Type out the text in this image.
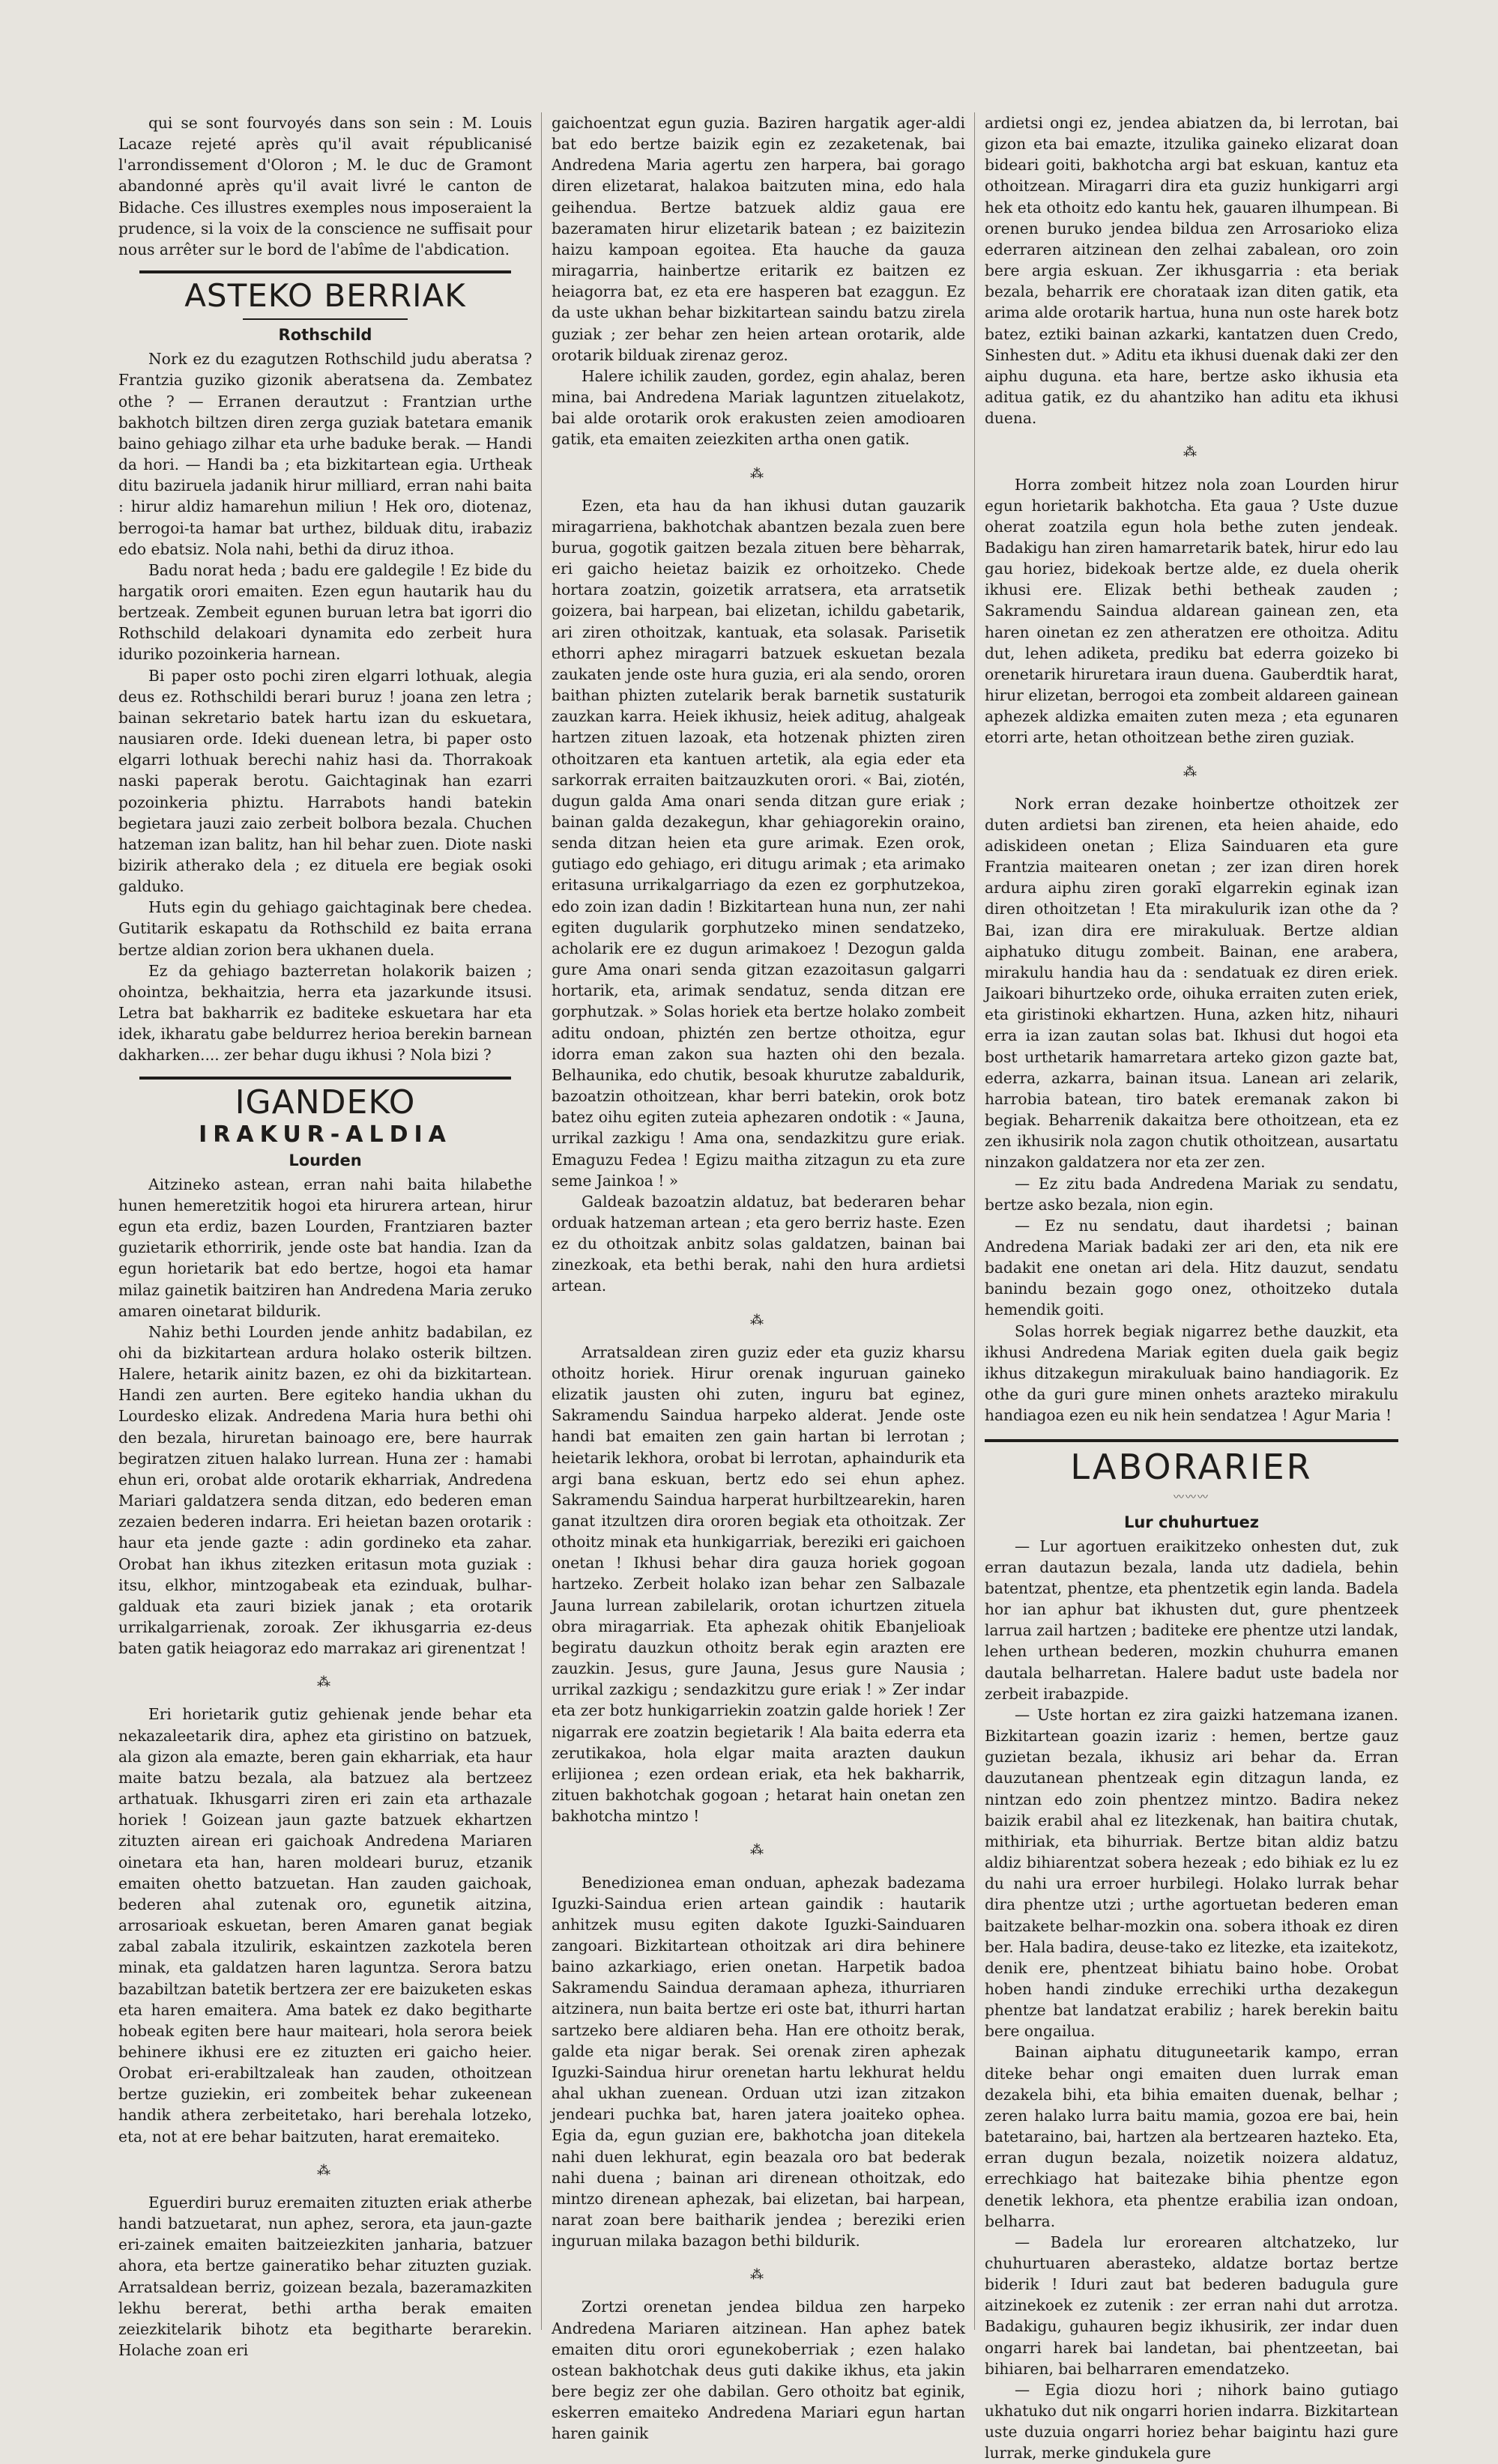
qui se sont fourvoyés dans son sein : M. Louis Lacaze rejeté après qu'il avait républicanisé l'arrondissement d'Oloron ; M. le duc de Gramont abandonné après qu'il avait livré le canton de Bidache. Ces illustres exemples nous imposeraient la prudence, si la voix de la conscience ne suffisait pour nous arrêter sur le bord de l'abîme de l'abdication.

ASTEKO BERRIAK
Rothschild

Nork ez du ezagutzen Rothschild judu aberatsa ? Frantzia guziko gizonik aberatsena da. Zembatez othe ? — Erranen derautzut : Frantzian urthe bakhotch biltzen diren zerga guziak batetara emanik baino gehiago zilhar eta urhe baduke berak. — Handi da hori. — Handi ba ; eta bizkitartean egia. Urtheak ditu baziruela jadanik hirur milliard, erran nahi baita : hirur aldiz hamarehun miliun ! Hek oro, diotenaz, berrogoi-ta hamar bat urthez, bilduak ditu, irabaziz edo ebatsiz. Nola nahi, bethi da diruz ithoa.

Badu norat heda ; badu ere galdegile ! Ez bide du hargatik orori emaiten. Ezen egun hautarik hau du bertzeak. Zembeit egunen buruan letra bat igorri dio Rothschild delakoari dynamita edo zerbeit hura iduriko pozoinkeria harnean.

Bi paper osto pochi ziren elgarri lothuak, alegia deus ez. Rothschildi berari buruz ! joana zen letra ; bainan sekretario batek hartu izan du eskuetara, nausiaren orde. Ideki duenean letra, bi paper osto elgarri lothuak berechi nahiz hasi da. Thorrakoak naski paperak berotu. Gaichtaginak han ezarri pozoinkeria phiztu. Harrabots handi batekin begietara jauzi zaio zerbeit bolbora bezala. Chuchen hatzeman izan balitz, han hil behar zuen. Diote naski bizirik atherako dela ; ez dituela ere begiak osoki galduko.

Huts egin du gehiago gaichtaginak bere chedea. Gutitarik eskapatu da Rothschild ez baita errana bertze aldian zorion bera ukhanen duela.

Ez da gehiago bazterretan holakorik baizen ; ohointza, bekhaitzia, herra eta jazarkunde itsusi. Letra bat bakharrik ez baditeke eskuetara har eta idek, ikharatu gabe beldurrez herioa berekin barnean dakharken.... zer behar dugu ikhusi ? Nola bizi ?

IGANDEKO
IRAKUR-ALDIA
Lourden

Aitzineko astean, erran nahi baita hilabethe hunen hemeretzitik hogoi eta hirurera artean, hirur egun eta erdiz, bazen Lourden, Frantziaren bazter guzietarik ethorririk, jende oste bat handia. Izan da egun horietarik bat edo bertze, hogoi eta hamar milaz gainetik baitziren han Andredena Maria zeruko amaren oinetarat bildurik.

Nahiz bethi Lourden jende anhitz badabilan, ez ohi da bizkitartean ardura holako osterik biltzen. Halere, hetarik ainitz bazen, ez ohi da bizkitartean. Handi zen aurten. Bere egiteko handia ukhan du Lourdesko elizak. Andredena Maria hura bethi ohi den bezala, hiruretan bainoago ere, bere haurrak begiratzen zituen halako lurrean. Huna zer : hamabi ehun eri, orobat alde orotarik ekharriak, Andredena Mariari galdatzera senda ditzan, edo bederen eman zezaien bederen indarra. Eri heietan bazen orotarik : haur eta jende gazte : adin gordineko eta zahar. Orobat han ikhus zitezken eritasun mota guziak : itsu, elkhor, mintzogabeak eta ezinduak, bulhar-galduak eta zauri biziek janak ; eta orotarik urrikalgarrienak, zoroak. Zer ikhusgarria ez-deus baten gatik heiagoraz edo marrakaz ari girenentzat !

⁂

Eri horietarik gutiz gehienak jende behar eta nekazaleetarik dira, aphez eta giristino on batzuek, ala gizon ala emazte, beren gain ekharriak, eta haur maite batzu bezala, ala batzuez ala bertzeez arthatuak. Ikhusgarri ziren eri zain eta arthazale horiek ! Goizean jaun gazte batzuek ekhartzen zituzten airean eri gaichoak Andredena Mariaren oinetara eta han, haren moldeari buruz, etzanik emaiten ohetto batzuetan. Han zauden gaichoak, bederen ahal zutenak oro, egunetik aitzina, arrosarioak eskuetan, beren Amaren ganat begiak zabal zabala itzulirik, eskaintzen zazkotela beren minak, eta galdatzen haren laguntza. Serora batzu bazabiltzan batetik bertzera zer ere baizuketen eskas eta haren emaitera. Ama batek ez dako begitharte hobeak egiten bere haur maiteari, hola serora beiek behinere ikhusi ere ez zituzten eri gaicho heier. Orobat eri-erabiltzaleak han zauden, othoitzean bertze guziekin, eri zombeitek behar zukeenean handik athera zerbeitetako, hari berehala lotzeko, eta, not at ere behar baitzuten, harat eremaiteko.

⁂

Eguerdiri buruz eremaiten zituzten eriak atherbe handi batzuetarat, nun aphez, serora, eta jaun-gazte eri-zainek emaiten baitzeiezkiten janharia, batzuer ahora, eta bertze gaineratiko behar zituzten guziak. Arratsaldean berriz, goizean bezala, bazeramazkiten lekhu bererat, bethi artha berak emaiten zeiezkitelarik bihotz eta begitharte berarekin. Holache zoan eri

gaichoentzat egun guzia. Baziren hargatik ager-aldi bat edo bertze baizik egin ez zezaketenak, bai Andredena Maria agertu zen harpera, bai gorago diren elizetarat, halakoa baitzuten mina, edo hala geihendua. Bertze batzuek aldiz gaua ere bazeramaten hirur elizetarik batean ; ez baizitezin haizu kampoan egoitea. Eta hauche da gauza miragarria, hainbertze eritarik ez baitzen ez heiagorra bat, ez eta ere hasperen bat ezaggun. Ez da uste ukhan behar bizkitartean saindu batzu zirela guziak ; zer behar zen heien artean orotarik, alde orotarik bilduak zirenaz geroz.

Halere ichilik zauden, gordez, egin ahalaz, beren mina, bai Andredena Mariak laguntzen zituelakotz, bai alde orotarik orok erakusten zeien amodioaren gatik, eta emaiten zeiezkiten artha onen gatik.

⁂

Ezen, eta hau da han ikhusi dutan gauzarik miragarriena, bakhotchak abantzen bezala zuen bere burua, gogotik gaitzen bezala zituen bere bèharrak, eri gaicho heietaz baizik ez orhoitzeko. Chede hortara zoatzin, goizetik arratsera, eta arratsetik goizera, bai harpean, bai elizetan, ichildu gabetarik, ari ziren othoitzak, kantuak, eta solasak. Parisetik ethorri aphez miragarri batzuek eskuetan bezala zaukaten jende oste hura guzia, eri ala sendo, ororen baithan phizten zutelarik berak barnetik sustaturik zauzkan karra. Heiek ikhusiz, heiek aditug, ahalgeak hartzen zituen lazoak, eta hotzenak phizten ziren othoitzaren eta kantuen artetik, ala egia eder eta sarkorrak erraiten baitzauzkuten orori. « Bai, ziotén, dugun galda Ama onari senda ditzan gure eriak ; bainan galda dezakegun, khar gehiagorekin oraino, senda ditzan heien eta gure arimak. Ezen orok, gutiago edo gehiago, eri ditugu arimak ; eta arimako eritasuna urrikalgarriago da ezen ez gorphutzekoa, edo zoin izan dadin ! Bizkitartean huna nun, zer nahi egiten dugularik gorphutzeko minen sendatzeko, acholarik ere ez dugun arimakoez ! Dezogun galda gure Ama onari senda gitzan ezazoitasun galgarri hortarik, eta, arimak sendatuz, senda ditzan ere gorphutzak. » Solas horiek eta bertze holako zombeit aditu ondoan, phiztén zen bertze othoitza, egur idorra eman zakon sua hazten ohi den bezala. Belhaunika, edo chutik, besoak khurutze zabaldurik, bazoatzin othoitzean, khar berri batekin, orok botz batez oihu egiten zuteia aphezaren ondotik : « Jauna, urrikal zazkigu ! Ama ona, sendazkitzu gure eriak. Emaguzu Fedea ! Egizu maitha zitzagun zu eta zure seme Jainkoa ! »

Galdeak bazoatzin aldatuz, bat bederaren behar orduak hatzeman artean ; eta gero berriz haste. Ezen ez du othoitzak anbitz solas galdatzen, bainan bai zinezkoak, eta bethi berak, nahi den hura ardietsi artean.

⁂

Arratsaldean ziren guziz eder eta guziz kharsu othoitz horiek. Hirur orenak inguruan gaineko elizatik jausten ohi zuten, inguru bat eginez, Sakramendu Saindua harpeko alderat. Jende oste handi bat emaiten zen gain hartan bi lerrotan ; heietarik lekhora, orobat bi lerrotan, aphaindurik eta argi bana eskuan, bertz edo sei ehun aphez. Sakramendu Saindua harperat hurbiltzearekin, haren ganat itzultzen dira ororen begiak eta othoitzak. Zer othoitz minak eta hunkigarriak, bereziki eri gaichoen onetan ! Ikhusi behar dira gauza horiek gogoan hartzeko. Zerbeit holako izan behar zen Salbazale Jauna lurrean zabilelarik, orotan ichurtzen zituela obra miragarriak. Eta aphezak ohitik Ebanjelioak begiratu dauzkun othoitz berak egin arazten ere zauzkin. Jesus, gure Jauna, Jesus gure Nausia ; urrikal zazkigu ; sendazkitzu gure eriak ! » Zer indar eta zer botz hunkigarriekin zoatzin galde horiek ! Zer nigarrak ere zoatzin begietarik ! Ala baita ederra eta zerutikakoa, hola elgar maita arazten daukun erlijionea ; ezen ordean eriak, eta hek bakharrik, zituen bakhotchak gogoan ; hetarat hain onetan zen bakhotcha mintzo !

⁂

Benedizionea eman onduan, aphezak badezama Iguzki-Saindua erien artean gaindik : hautarik anhitzek musu egiten dakote Iguzki-Sainduaren zangoari. Bizkitartean othoitzak ari dira behinere baino azkarkiago, erien onetan. Harpetik badoa Sakramendu Saindua deramaan apheza, ithurriaren aitzinera, nun baita bertze eri oste bat, ithurri hartan sartzeko bere aldiaren beha. Han ere othoitz berak, galde eta nigar berak. Sei orenak ziren aphezak Iguzki-Saindua hirur orenetan hartu lekhurat heldu ahal ukhan zuenean. Orduan utzi izan zitzakon jendeari puchka bat, haren jatera joaiteko ophea. Egia da, egun guzian ere, bakhotcha joan ditekela nahi duen lekhurat, egin beazala oro bat bederak nahi duena ; bainan ari direnean othoitzak, edo mintzo direnean aphezak, bai elizetan, bai harpean, narat zoan bere baitharik jendea ; bereziki erien inguruan milaka bazagon bethi bildurik.

⁂

Zortzi orenetan jendea bildua zen harpeko Andredena Mariaren aitzinean. Han aphez batek emaiten ditu orori egunekoberriak ; ezen halako ostean bakhotchak deus guti dakike ikhus, eta jakin bere begiz zer ohe dabilan. Gero othoitz bat eginik, eskerren emaiteko Andredena Mariari egun hartan haren gainik

ardietsi ongi ez, jendea abiatzen da, bi lerrotan, bai gizon eta bai emazte, itzulika gaineko elizarat doan bideari goiti, bakhotcha argi bat eskuan, kantuz eta othoitzean. Miragarri dira eta guziz hunkigarri argi hek eta othoitz edo kantu hek, gauaren ilhumpean. Bi orenen buruko jendea bildua zen Arrosarioko eliza ederraren aitzinean den zelhai zabalean, oro zoin bere argia eskuan. Zer ikhusgarria : eta beriak bezala, beharrik ere chorataak izan diten gatik, eta arima alde orotarik hartua, huna nun oste harek botz batez, eztiki bainan azkarki, kantatzen duen Credo, Sinhesten dut. » Aditu eta ikhusi duenak daki zer den aiphu duguna. eta hare, bertze asko ikhusia eta aditua gatik, ez du ahantziko han aditu eta ikhusi duena.

⁂

Horra zombeit hitzez nola zoan Lourden hirur egun horietarik bakhotcha. Eta gaua ? Uste duzue oherat zoatzila egun hola bethe zuten jendeak. Badakigu han ziren hamarretarik batek, hirur edo lau gau horiez, bidekoak bertze alde, ez duela oherik ikhusi ere. Elizak bethi betheak zauden ; Sakramendu Saindua aldarean gainean zen, eta haren oinetan ez zen atheratzen ere othoitza. Aditu dut, lehen adiketa, prediku bat ederra goizeko bi orenetarik hiruretara iraun duena. Gauberdtik harat, hirur elizetan, berrogoi eta zombeit aldareen gainean aphezek aldizka emaiten zuten meza ; eta egunaren etorri arte, hetan othoitzean bethe ziren guziak.

⁂

Nork erran dezake hoinbertze othoitzek zer duten ardietsi ban zirenen, eta heien ahaide, edo adiskideen onetan ; Eliza Sainduaren eta gure Frantzia maitearen onetan ; zer izan diren horek ardura aiphu ziren gorakī elgarrekin eginak izan diren othoitzetan ! Eta mirakulurik izan othe da ? Bai, izan dira ere mirakuluak. Bertze aldian aiphatuko ditugu zombeit. Bainan, ene arabera, mirakulu handia hau da : sendatuak ez diren eriek. Jaikoari bihurtzeko orde, oihuka erraiten zuten eriek, eta giristinoki ekhartzen. Huna, azken hitz, nihauri erra ia izan zautan solas bat. Ikhusi dut hogoi eta bost urthetarik hamarretara arteko gizon gazte bat, ederra, azkarra, bainan itsua. Lanean ari zelarik, harrobia batean, tiro batek eremanak zakon bi begiak. Beharrenik dakaitza bere othoitzean, eta ez zen ikhusirik nola zagon chutik othoitzean, ausartatu ninzakon galdatzera nor eta zer zen.

— Ez zitu bada Andredena Mariak zu sendatu, bertze asko bezala, nion egin.

— Ez nu sendatu, daut ihardetsi ; bainan Andredena Mariak badaki zer ari den, eta nik ere badakit ene onetan ari dela. Hitz dauzut, sendatu banindu bezain gogo onez, othoitzeko dutala hemendik goiti.

Solas horrek begiak nigarrez bethe dauzkit, eta ikhusi Andredena Mariak egiten duela gaik begiz ikhus ditzakegun mirakuluak baino handiagorik. Ez othe da guri gure minen onhets arazteko mirakulu handiagoa ezen eu nik hein sendatzea ! Agur Maria !

LABORARIER
〰〰〰
Lur chuhurtuez

— Lur agortuen eraikitzeko onhesten dut, zuk erran dautazun bezala, landa utz dadiela, behin batentzat, phentze, eta phentzetik egin landa. Badela hor ian aphur bat ikhusten dut, gure phentzeek larrua zail hartzen ; baditeke ere phentze utzi landak, lehen urthean bederen, mozkin chuhurra emanen dautala belharretan. Halere badut uste badela nor zerbeit irabazpide.

— Uste hortan ez zira gaizki hatzemana izanen. Bizkitartean goazin izariz : hemen, bertze gauz guzietan bezala, ikhusiz ari behar da. Erran dauzutanean phentzeak egin ditzagun landa, ez nintzan edo zoin phentzez mintzo. Badira nekez baizik erabil ahal ez litezkenak, han baitira chutak, mithiriak, eta bihurriak. Bertze bitan aldiz batzu aldiz bihiarentzat sobera hezeak ; edo bihiak ez lu ez du nahi ura erroer hurbilegi. Holako lurrak behar dira phentze utzi ; urthe agortuetan bederen eman baitzakete belhar-mozkin ona. sobera ithoak ez diren ber. Hala badira, deuse-tako ez litezke, eta izaitekotz, denik ere, phentzeat bihiatu baino hobe. Orobat hoben handi zinduke errechiki urtha dezakegun phentze bat landatzat erabiliz ; harek berekin baitu bere ongailua.

Bainan aiphatu dituguneetarik kampo, erran diteke behar ongi emaiten duen lurrak eman dezakela bihi, eta bihia emaiten duenak, belhar ; zeren halako lurra baitu mamia, gozoa ere bai, hein batetaraino, bai, hartzen ala bertzearen hazteko. Eta, erran dugun bezala, noizetik noizera aldatuz, errechkiago hat baitezake bihia phentze egon denetik lekhora, eta phentze erabilia izan ondoan, belharra.

— Badela lur erorearen altchatzeko, lur chuhurtuaren aberasteko, aldatze bortaz bertze biderik ! Iduri zaut bat bederen badugula gure aitzinekoek ez zutenik : zer erran nahi dut arrotza. Badakigu, guhauren begiz ikhusirik, zer indar duen ongarri harek bai landetan, bai phentzeetan, bai bihiaren, bai belharraren emendatzeko.

— Egia diozu hori ; nihork baino gutiago ukhatuko dut nik ongarri horien indarra. Bizkitartean uste duzuia ongarri horiez behar baigintu hazi gure lurrak, merke gindukela gure
